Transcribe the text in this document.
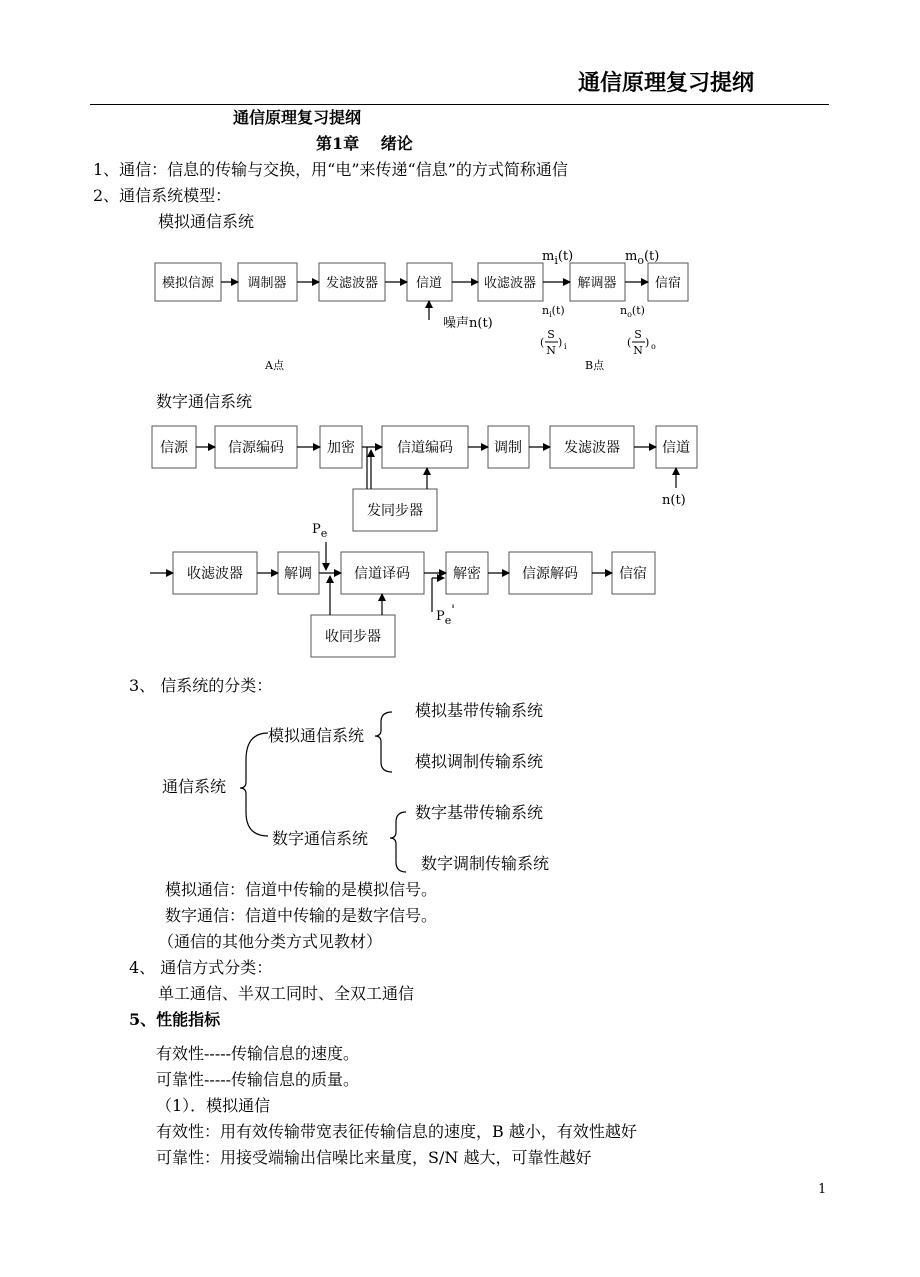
通信原理复习提纲
通信原理复习提纲
第1章　 绪论
1、通信：信息的传输与交换，用“电”来传递“信息”的方式简称通信
2、通信系统模型：
模拟通信系统
数字通信系统
3、 信系统的分类：
模拟通信：信道中传输的是模拟信号。
数字通信：信道中传输的是数字信号。
（通信的其他分类方式见教材）
4、 通信方式分类：
单工通信、半双工同时、全双工通信
5、性能指标
有效性-----传输信息的速度。
可靠性-----传输信息的质量。
（1）．模拟通信
有效性：用有效传输带宽表征传输信息的速度，B 越小，有效性越好
可靠性：用接受端输出信噪比来量度，S/N 越大，可靠性越好
1
模拟信源	调制器	发滤波器	信道	收滤波器	解调器	信宿
噪声n(t)
A点	B点
$m_i(t)$	$m_o(t)$
$n_i(t)$	$n_o(t)$
(
S
N
) i	(
S
N
) o
信源	信源编码	加密	信道编码	调制	发滤波器	信道
发同步器
n(t)
收滤波器	解调	信道译码	解密	信源解码	信宿
收同步器
$P_e$
$P_e'$
通信系统
模拟通信系统
数字通信系统
模拟基带传输系统
模拟调制传输系统
数字基带传输系统
数字调制传输系统
